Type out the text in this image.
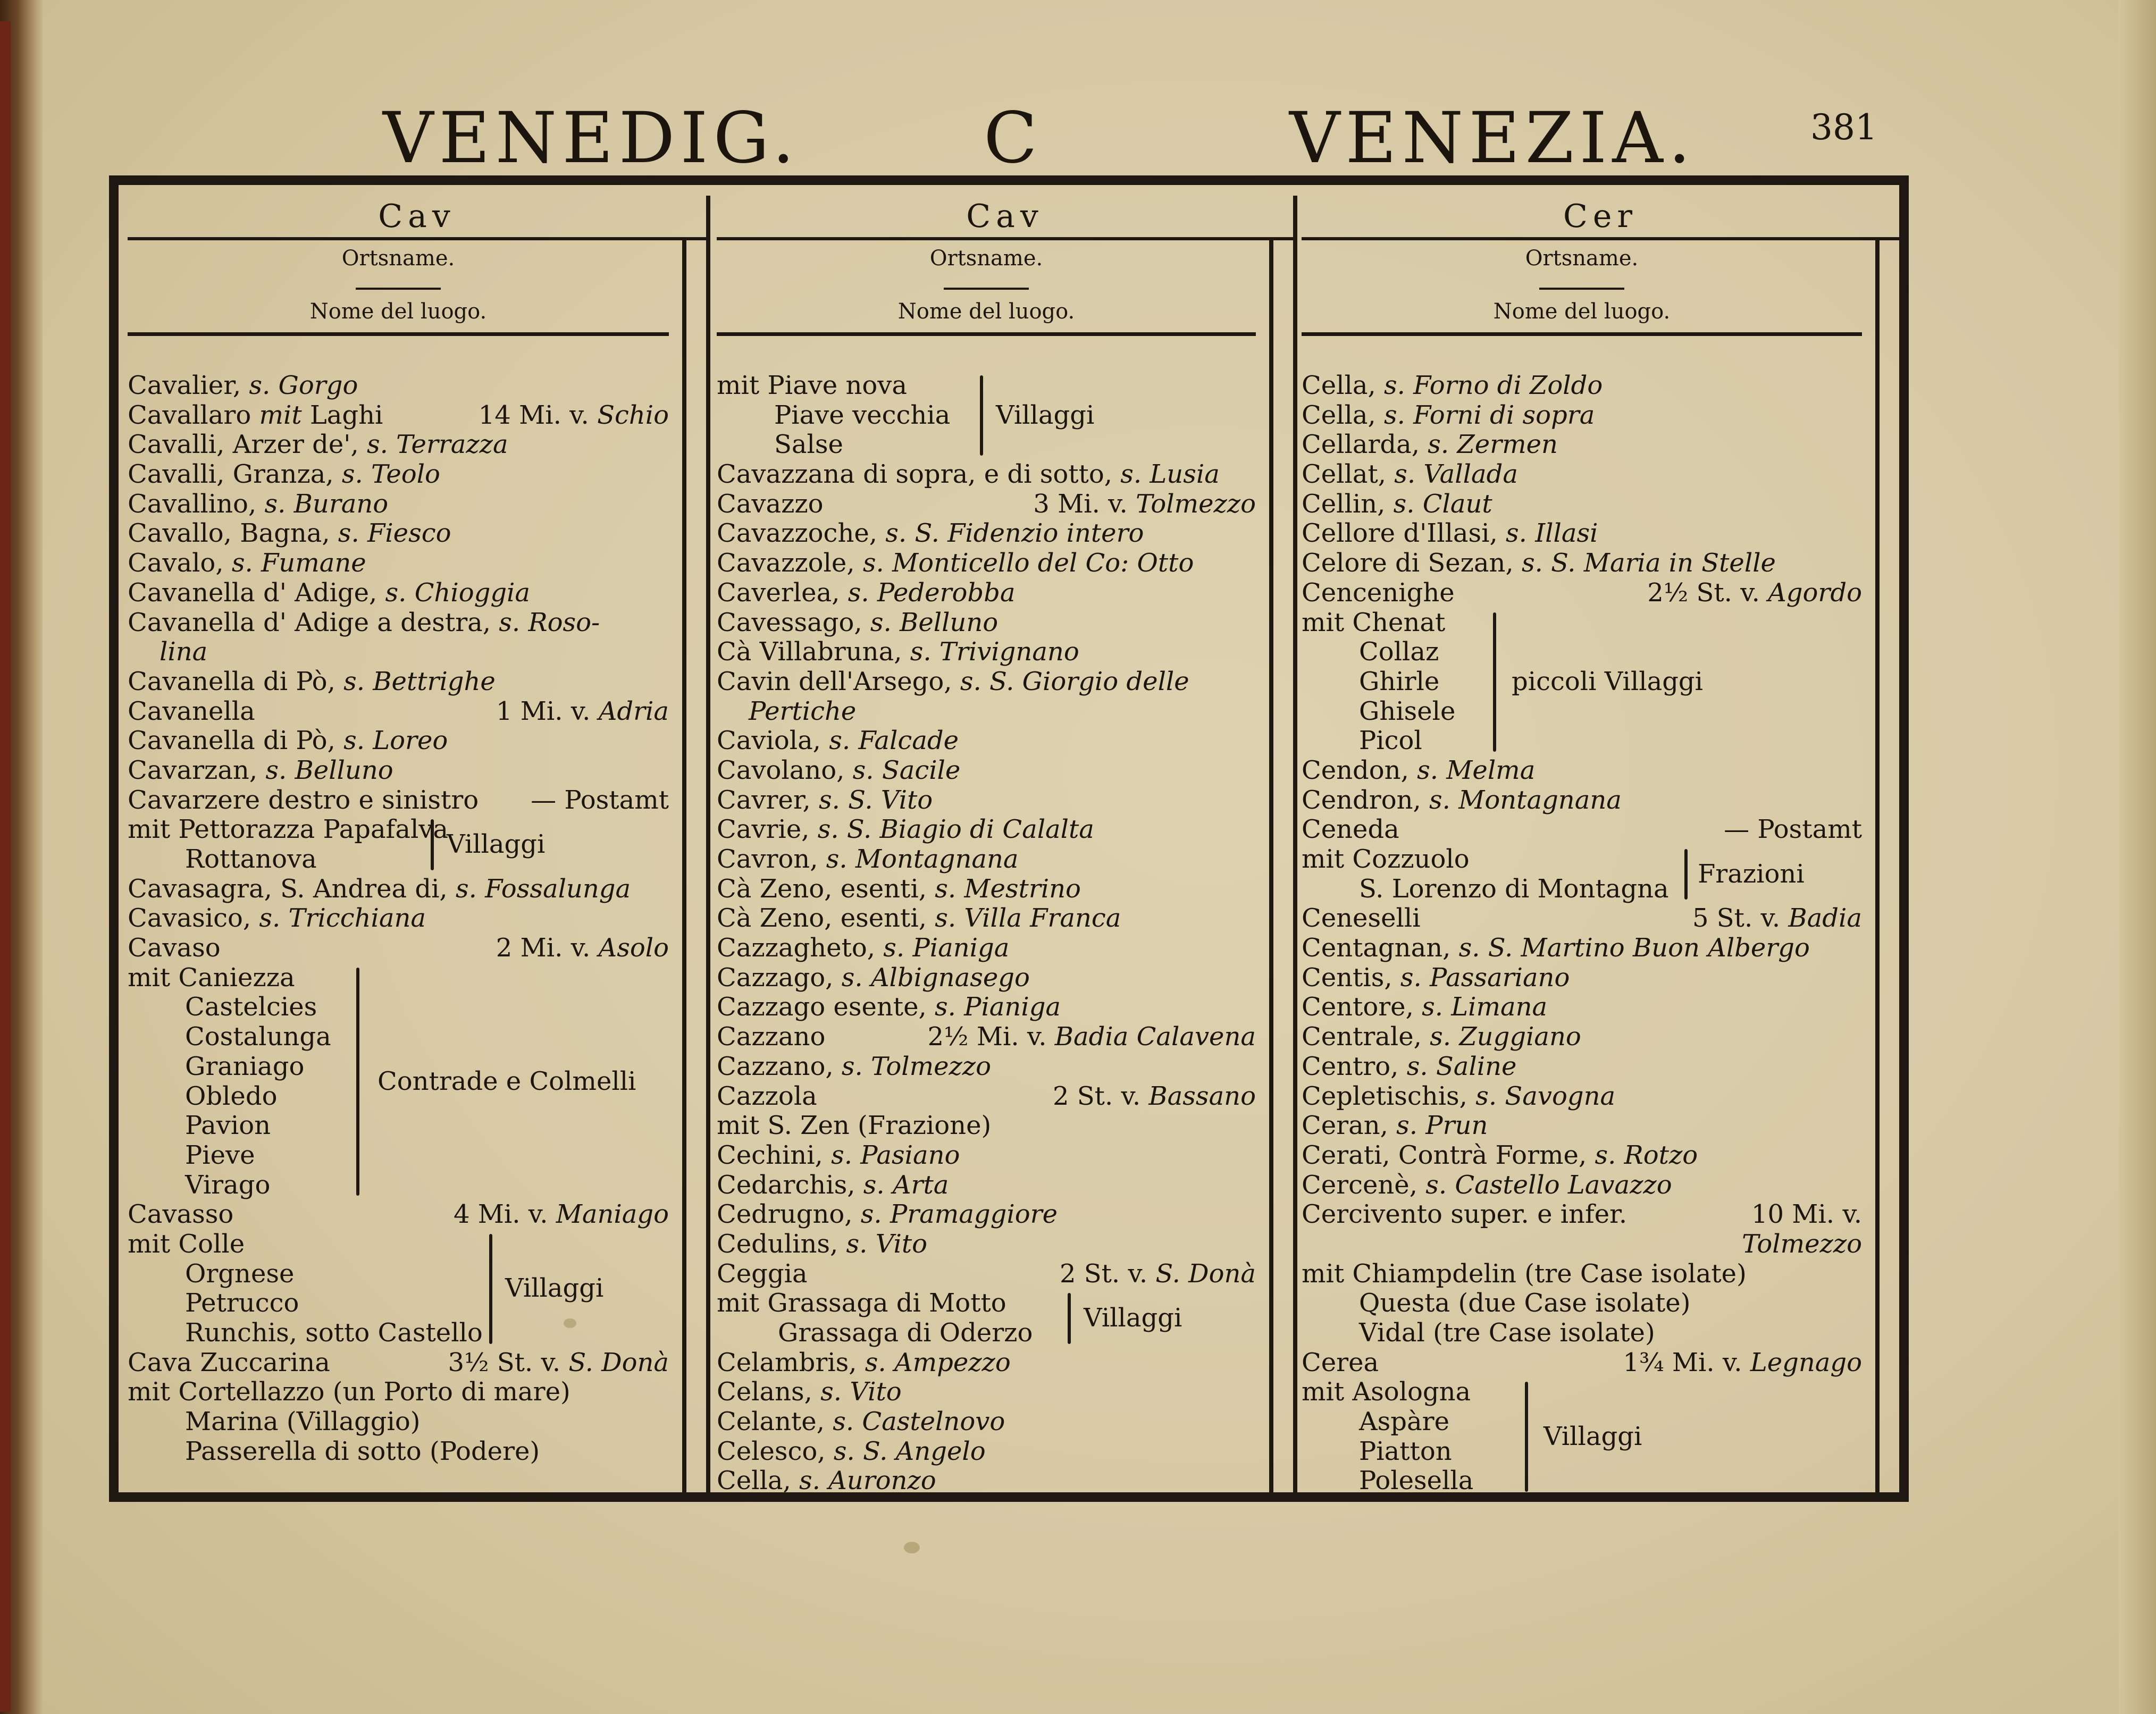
VENEDIG.	C	VENEZIA.	381
Cav
Ortsname.
Nome del luogo.
Cavalier, s. Gorgo
Cavallaro mit Laghi	14 Mi. v. Schio
Cavalli, Arzer de', s. Terrazza
Cavalli, Granza, s. Teolo
Cavallino, s. Burano
Cavallo, Bagna, s. Fiesco
Cavalo, s. Fumane
Cavanella d' Adige, s. Chioggia
Cavanella d' Adige a destra, s. Roso-
lina
Cavanella di Pò, s. Bettrighe
Cavanella	1 Mi. v. Adria
Cavanella di Pò, s. Loreo
Cavarzan, s. Belluno
Cavarzere destro e sinistro — Postamt
mit Pettorazza Papafalva
Rottanova	Villaggi
Cavasagra, S. Andrea di, s. Fossalunga
Cavasico, s. Tricchiana
Cavaso	2 Mi. v. Asolo
mit Caniezza
Castelcies
Costalunga
Graniago
Obledo
Pavion
Pieve
Virago
Contrade e Colmelli
Cavasso	4 Mi. v. Maniago
mit Colle
Orgnese
Petrucco
Runchis, sotto Castello
Villaggi
Cava Zuccarina	3½ St. v. S. Donà
mit Cortellazzo (un Porto di mare)
Marina (Villaggio)
Passerella di sotto (Podere)
Cav
Ortsname.
Nome del luogo.
mit Piave nova
Piave vecchia
Salse
Villaggi
Cavazzana di sopra, e di sotto, s. Lusia
Cavazzo	3 Mi. v. Tolmezzo
Cavazzoche, s. S. Fidenzio intero
Cavazzole, s. Monticello del Co: Otto
Caverlea, s. Pederobba
Cavessago, s. Belluno
Cà Villabruna, s. Trivignano
Cavin dell'Arsego, s. S. Giorgio delle
Pertiche
Caviola, s. Falcade
Cavolano, s. Sacile
Cavrer, s. S. Vito
Cavrie, s. S. Biagio di Calalta
Cavron, s. Montagnana
Cà Zeno, esenti, s. Mestrino
Cà Zeno, esenti, s. Villa Franca
Cazzagheto, s. Pianiga
Cazzago, s. Albignasego
Cazzago esente, s. Pianiga
Cazzano	2½ Mi. v. Badia Calavena
Cazzano, s. Tolmezzo
Cazzola	2 St. v. Bassano
mit S. Zen (Frazione)
Cechini, s. Pasiano
Cedarchis, s. Arta
Cedrugno, s. Pramaggiore
Cedulins, s. Vito
Ceggia	2 St. v. S. Donà
mit Grassaga di Motto
Grassaga di Oderzo	Villaggi
Celambris, s. Ampezzo
Celans, s. Vito
Celante, s. Castelnovo
Celesco, s. S. Angelo
Cella, s. Auronzo
Cer
Ortsname.
Nome del luogo.
Cella, s. Forno di Zoldo
Cella, s. Forni di sopra
Cellarda, s. Zermen
Cellat, s. Vallada
Cellin, s. Claut
Cellore d'Illasi, s. Illasi
Celore di Sezan, s. S. Maria in Stelle
Cencenighe	2½ St. v. Agordo
mit Chenat
Collaz
Ghirle
Ghisele
Picol
piccoli Villaggi
Cendon, s. Melma
Cendron, s. Montagnana
Ceneda	— Postamt
mit Cozzuolo
S. Lorenzo di Montagna	Frazioni
Ceneselli	5 St. v. Badia
Centagnan, s. S. Martino Buon Albergo
Centis, s. Passariano
Centore, s. Limana
Centrale, s. Zuggiano
Centro, s. Saline
Cepletischis, s. Savogna
Ceran, s. Prun
Cerati, Contrà Forme, s. Rotzo
Cercenè, s. Castello Lavazzo
Cercivento super. e infer.	10 Mi. v.
Tolmezzo
mit Chiampdelin (tre Case isolate)
Questa (due Case isolate)
Vidal (tre Case isolate)
Cerea	1¾ Mi. v. Legnago
mit Asologna
Aspàre
Piatton
Polesella
Villaggi
